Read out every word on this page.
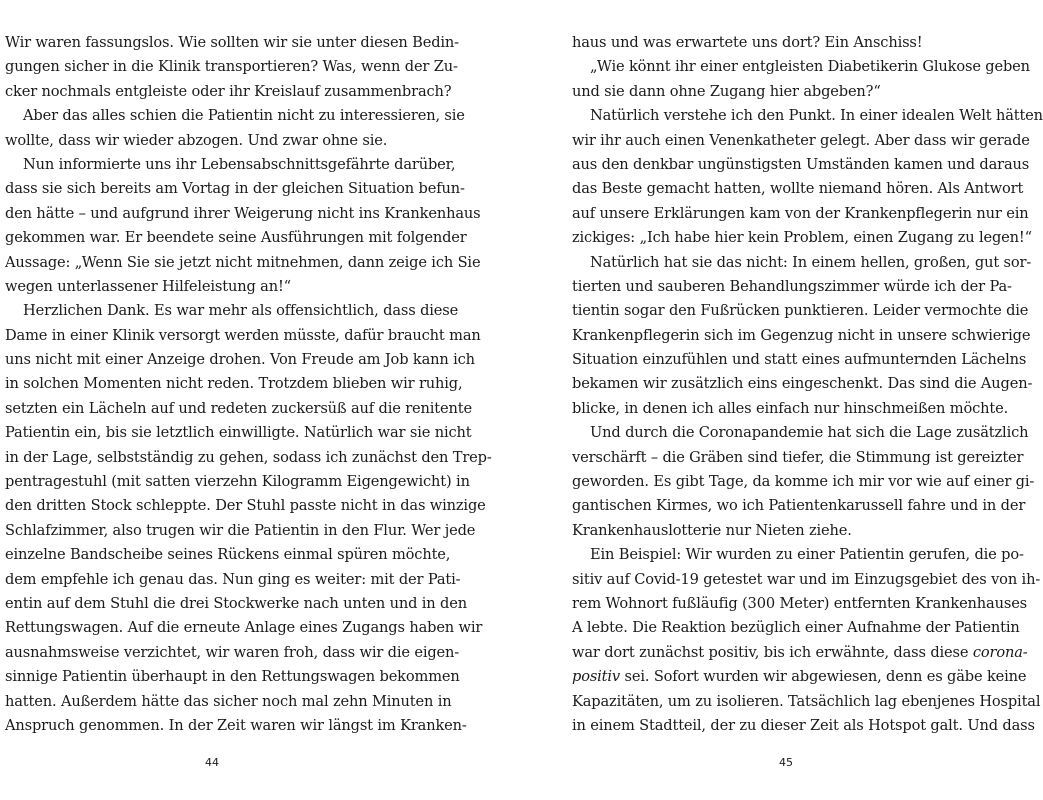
Wir waren fassungslos. Wie sollten wir sie unter diesen Bedin-
gungen sicher in die Klinik transportieren? Was, wenn der Zu-
cker nochmals entgleiste oder ihr Kreislauf zusammenbrach?
Aber das alles schien die Patientin nicht zu interessieren, sie
wollte, dass wir wieder abzogen. Und zwar ohne sie.
Nun informierte uns ihr Lebensabschnittsgefährte darüber,
dass sie sich bereits am Vortag in der gleichen Situation befun-
den hätte – und aufgrund ihrer Weigerung nicht ins Krankenhaus
gekommen war. Er beendete seine Ausführungen mit folgender
Aussage: „Wenn Sie sie jetzt nicht mitnehmen, dann zeige ich Sie
wegen unterlassener Hilfeleistung an!“
Herzlichen Dank. Es war mehr als offensichtlich, dass diese
Dame in einer Klinik versorgt werden müsste, dafür braucht man
uns nicht mit einer Anzeige drohen. Von Freude am Job kann ich
in solchen Momenten nicht reden. Trotzdem blieben wir ruhig,
setzten ein Lächeln auf und redeten zuckersüß auf die renitente
Patientin ein, bis sie letztlich einwilligte. Natürlich war sie nicht
in der Lage, selbstständig zu gehen, sodass ich zunächst den Trep-
pentragestuhl (mit satten vierzehn Kilogramm Eigengewicht) in
den dritten Stock schleppte. Der Stuhl passte nicht in das winzige
Schlafzimmer, also trugen wir die Patientin in den Flur. Wer jede
einzelne Bandscheibe seines Rückens einmal spüren möchte,
dem empfehle ich genau das. Nun ging es weiter: mit der Pati-
entin auf dem Stuhl die drei Stockwerke nach unten und in den
Rettungswagen. Auf die erneute Anlage eines Zugangs haben wir
ausnahmsweise verzichtet, wir waren froh, dass wir die eigen-
sinnige Patientin überhaupt in den Rettungswagen bekommen
hatten. Außerdem hätte das sicher noch mal zehn Minuten in
Anspruch genommen. In der Zeit waren wir längst im Kranken-
haus und was erwartete uns dort? Ein Anschiss!
„Wie könnt ihr einer entgleisten Diabetikerin Glukose geben
und sie dann ohne Zugang hier abgeben?“
Natürlich verstehe ich den Punkt. In einer idealen Welt hätten
wir ihr auch einen Venenkatheter gelegt. Aber dass wir gerade
aus den denkbar ungünstigsten Umständen kamen und daraus
das Beste gemacht hatten, wollte niemand hören. Als Antwort
auf unsere Erklärungen kam von der Krankenpflegerin nur ein
zickiges: „Ich habe hier kein Problem, einen Zugang zu legen!“
Natürlich hat sie das nicht: In einem hellen, großen, gut sor-
tierten und sauberen Behandlungszimmer würde ich der Pa-
tientin sogar den Fußrücken punktieren. Leider vermochte die
Krankenpflegerin sich im Gegenzug nicht in unsere schwierige
Situation einzufühlen und statt eines aufmunternden Lächelns
bekamen wir zusätzlich eins eingeschenkt. Das sind die Augen-
blicke, in denen ich alles einfach nur hinschmeißen möchte.
Und durch die Coronapandemie hat sich die Lage zusätzlich
verschärft – die Gräben sind tiefer, die Stimmung ist gereizter
geworden. Es gibt Tage, da komme ich mir vor wie auf einer gi-
gantischen Kirmes, wo ich Patientenkarussell fahre und in der
Krankenhauslotterie nur Nieten ziehe.
Ein Beispiel: Wir wurden zu einer Patientin gerufen, die po-
sitiv auf Covid-19 getestet war und im Einzugsgebiet des von ih-
rem Wohnort fußläufig (300 Meter) entfernten Krankenhauses
A lebte. Die Reaktion bezüglich einer Aufnahme der Patientin
war dort zunächst positiv, bis ich erwähnte, dass diese corona-
positiv sei. Sofort wurden wir abgewiesen, denn es gäbe keine
Kapazitäten, um zu isolieren. Tatsächlich lag ebenjenes Hospital
in einem Stadtteil, der zu dieser Zeit als Hotspot galt. Und dass
44	45
